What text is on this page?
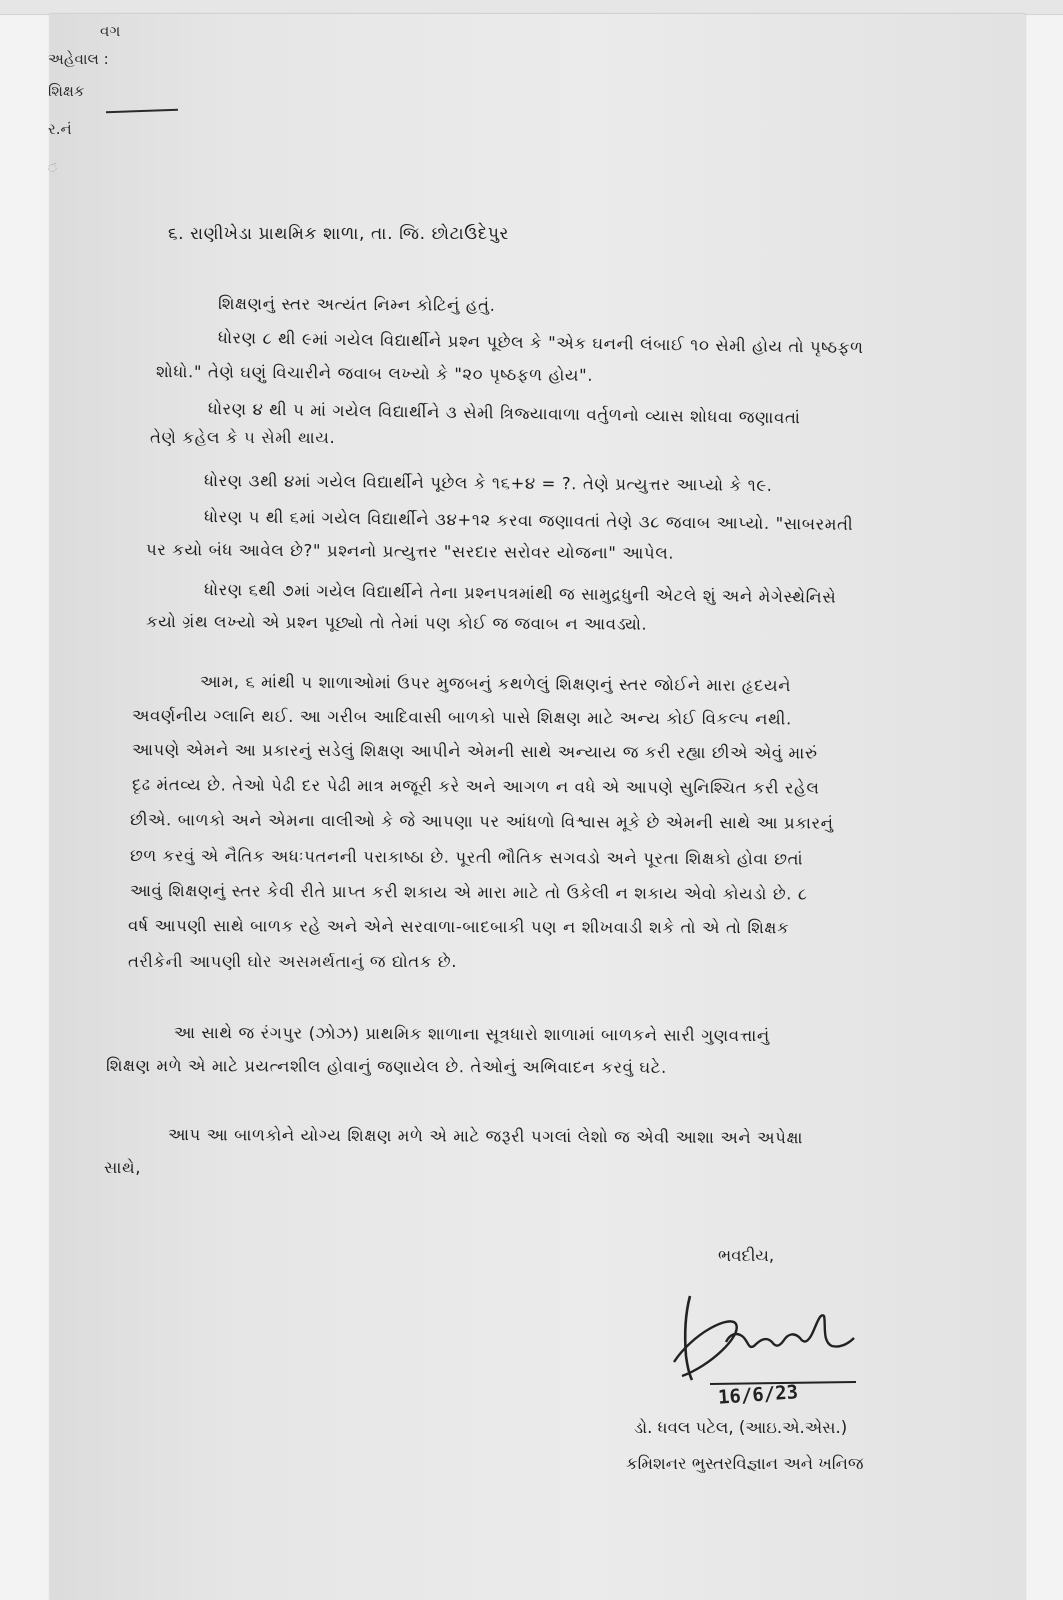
વગ
અહેવાલ :
શિક્ષક
ર.નં
ં
૬. રાણીખેડા પ્રાથમિક શાળા, તા. જિ. છોટાઉદેપુર
શિક્ષણનું સ્તર અત્યંત નિમ્ન કોટિનું હતું.
ધોરણ ૮ થી ૯માં ગયેલ વિદ્યાર્થીને પ્રશ્ન પૂછેલ કે "એક ઘનની લંબાઈ ૧૦ સેમી હોય તો પૃષ્ઠફળ
શોધો." તેણે ઘણું વિચારીને જવાબ લખ્યો કે "૨૦ પૃષ્ઠફળ હોય".
ધોરણ ૪ થી ૫ માં ગયેલ વિદ્યાર્થીને ૩ સેમી ત્રિજ્યાવાળા વર્તુળનો વ્યાસ શોધવા જણાવતાં
તેણે કહેલ કે ૫ સેમી થાય.
ધોરણ ૩થી ૪માં ગયેલ વિદ્યાર્થીને પૂછેલ કે ૧૬+૪ = ?. તેણે પ્રત્યુત્તર આપ્યો કે ૧૯.
ધોરણ ૫ થી ૬માં ગયેલ વિદ્યાર્થીને ૩૪+૧૨ કરવા જણાવતાં તેણે ૩૮ જવાબ આપ્યો. "સાબરમતી
પર કયો બંધ આવેલ છે?" પ્રશ્નનો પ્રત્યુત્તર "સરદાર સરોવર યોજના" આપેલ.
ધોરણ ૬થી ૭માં ગયેલ વિદ્યાર્થીને તેના પ્રશ્નપત્રમાંથી જ સામુદ્રધુની એટલે શું અને મેગેસ્થેનિસે
કયો ગ્રંથ લખ્યો એ પ્રશ્ન પૂછ્યો તો તેમાં પણ કોઈ જ જવાબ ન આવડ્યો.
આમ, ૬ માંથી ૫ શાળાઓમાં ઉપર મુજબનું કથળેલું શિક્ષણનું સ્તર જોઈને મારા હૃદયને
અવર્ણનીય ગ્લાનિ થઈ. આ ગરીબ આદિવાસી બાળકો પાસે શિક્ષણ માટે અન્ય કોઈ વિકલ્પ નથી.
આપણે એમને આ પ્રકારનું સડેલું શિક્ષણ આપીને એમની સાથે અન્યાય જ કરી રહ્યા છીએ એવું મારું
દૃઢ મંતવ્ય છે. તેઓ પેઢી દર પેઢી માત્ર મજૂરી કરે અને આગળ ન વધે એ આપણે સુનિશ્ચિત કરી રહેલ
છીએ. બાળકો અને એમના વાલીઓ કે જે આપણા પર આંધળો વિશ્વાસ મૂકે છે એમની સાથે આ પ્રકારનું
છળ કરવું એ નૈતિક અધઃપતનની પરાકાષ્ઠા છે. પૂરતી ભૌતિક સગવડો અને પૂરતા શિક્ષકો હોવા છતાં
આવું શિક્ષણનું સ્તર કેવી રીતે પ્રાપ્ત કરી શકાય એ મારા માટે તો ઉકેલી ન શકાય એવો કોયડો છે. ૮
વર્ષ આપણી સાથે બાળક રહે અને એને સરવાળા-બાદબાકી પણ ન શીખવાડી શકે તો એ તો શિક્ષક
તરીકેની આપણી ઘોર અસમર્થતાનું જ દ્યોતક છે.
આ સાથે જ રંગપુર (ઝોઝ) પ્રાથમિક શાળાના સૂત્રધારો શાળામાં બાળકને સારી ગુણવત્તાનું
શિક્ષણ મળે એ માટે પ્રયત્નશીલ હોવાનું જણાયેલ છે. તેઓનું અભિવાદન કરવું ઘટે.
આપ આ બાળકોને યોગ્ય શિક્ષણ મળે એ માટે જરૂરી પગલાં લેશો જ એવી આશા અને અપેક્ષા
સાથે,
ભવદીય,
16/6/23
ડો. ધવલ પટેલ, (આઇ.એ.એસ.)
કમિશનર ભુસ્તરવિજ્ઞાન અને ખનિજ
